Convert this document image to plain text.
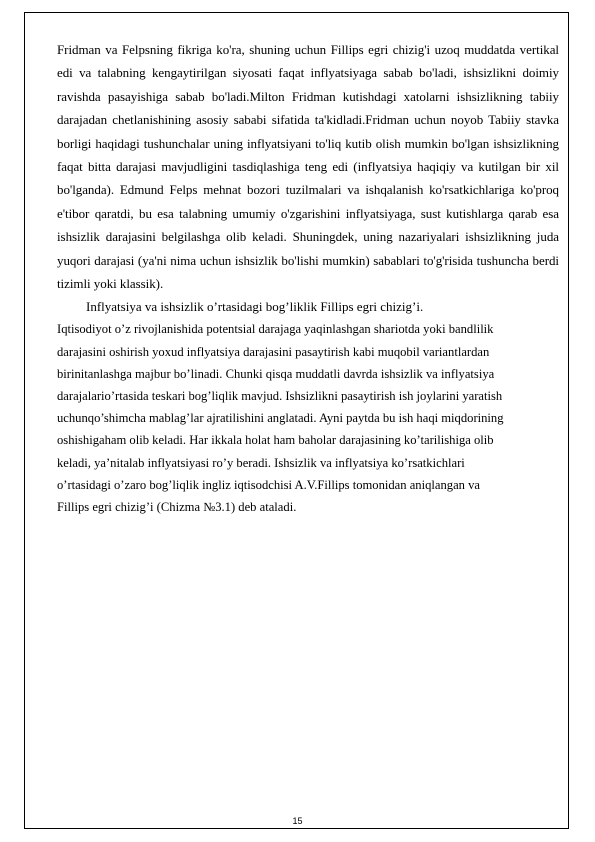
Fridman va Felpsning fikriga ko'ra, shuning uchun Fillips egri chizig'i uzoq muddatda vertikal edi va talabning kengaytirilgan siyosati faqat inflyatsiyaga sabab bo'ladi, ishsizlikni doimiy ravishda pasayishiga sabab bo'ladi.Milton Fridman kutishdagi xatolarni ishsizlikning tabiiy darajadan chetlanishining asosiy sababi sifatida ta'kidladi.Fridman uchun noyob Tabiiy stavka borligi haqidagi tushunchalar uning inflyatsiyani to'liq kutib olish mumkin bo'lgan ishsizlikning faqat bitta darajasi mavjudligini tasdiqlashiga teng edi (inflyatsiya haqiqiy va kutilgan bir xil bo'lganda). Edmund Felps mehnat bozori tuzilmalari va ishqalanish ko'rsatkichlariga ko'proq e'tibor qaratdi, bu esa talabning umumiy o'zgarishini inflyatsiyaga, sust kutishlarga qarab esa ishsizlik darajasini belgilashga olib keladi. Shuningdek, uning nazariyalari ishsizlikning juda yuqori darajasi (ya'ni nima uchun ishsizlik bo'lishi mumkin) sabablari to'g'risida tushuncha berdi tizimli yoki klassik).

Inflyatsiya va ishsizlik o’rtasidagi bog’liklik Fillips egri chizig’i.

Iqtisodiyot o’z rivojlanishida potentsial darajaga yaqinlashgan shariotda yoki bandlilik
darajasini oshirish yoxud inflyatsiya darajasini pasaytirish kabi muqobil variantlardan
birinitanlashga majbur bo’linadi. Chunki qisqa muddatli davrda ishsizlik va inflyatsiya
darajalario’rtasida teskari bog’liqlik mavjud. Ishsizlikni pasaytirish ish joylarini yaratish
uchunqo’shimcha mablag’lar ajratilishini anglatadi. Ayni paytda bu ish haqi miqdorining
oshishigaham olib keladi. Har ikkala holat ham baholar darajasining ko’tarilishiga olib
keladi, ya’nitalab inflyatsiyasi ro’y beradi. Ishsizlik va inflyatsiya ko’rsatkichlari
o’rtasidagi o’zaro bog’liqlik ingliz iqtisodchisi A.V.Fillips tomonidan aniqlangan va
Fillips egri chizig’i (Chizma №3.1) deb ataladi.
15
